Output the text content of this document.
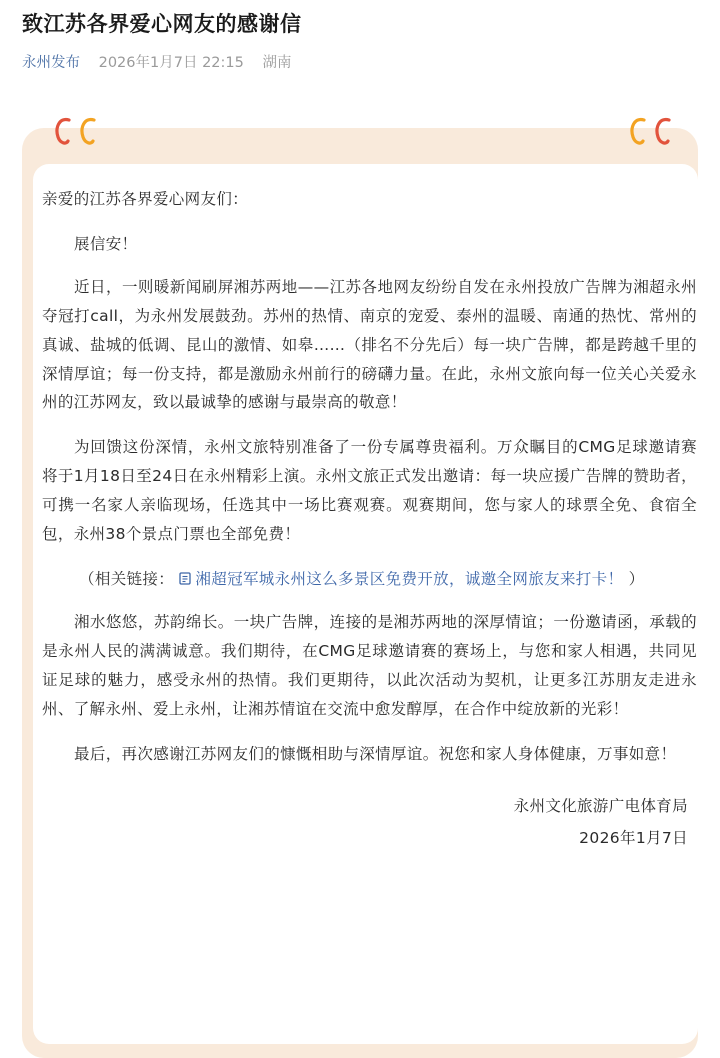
致江苏各界爱心网友的感谢信
永州发布 2026年1月7日 22:15 湖南

亲爱的江苏各界爱心网友们：

展信安！

近日，一则暖新闻刷屏湘苏两地——江苏各地网友纷纷自发在永州投放广告牌为湘超永州夺冠打call，为永州发展鼓劲。苏州的热情、南京的宠爱、泰州的温暖、南通的热忱、常州的真诚、盐城的低调、昆山的激情、如皋……（排名不分先后）每一块广告牌，都是跨越千里的深情厚谊；每一份支持，都是激励永州前行的磅礴力量。在此，永州文旅向每一位关心关爱永州的江苏网友，致以最诚挚的感谢与最崇高的敬意！

为回馈这份深情，永州文旅特别准备了一份专属尊贵福利。万众瞩目的CMG足球邀请赛将于1月18日至24日在永州精彩上演。永州文旅正式发出邀请：每一块应援广告牌的赞助者，可携一名家人亲临现场，任选其中一场比赛观赛。观赛期间，您与家人的球票全免、食宿全包，永州38个景点门票也全部免费！

（相关链接： 湘超冠军城永州这么多景区免费开放，诚邀全网旅友来打卡！ ）

湘水悠悠，苏韵绵长。一块广告牌，连接的是湘苏两地的深厚情谊；一份邀请函，承载的是永州人民的满满诚意。我们期待，在CMG足球邀请赛的赛场上，与您和家人相遇，共同见证足球的魅力，感受永州的热情。我们更期待，以此次活动为契机，让更多江苏朋友走进永州、了解永州、爱上永州，让湘苏情谊在交流中愈发醇厚，在合作中绽放新的光彩！

最后，再次感谢江苏网友们的慷慨相助与深情厚谊。祝您和家人身体健康，万事如意！

永州文化旅游广电体育局

2026年1月7日
